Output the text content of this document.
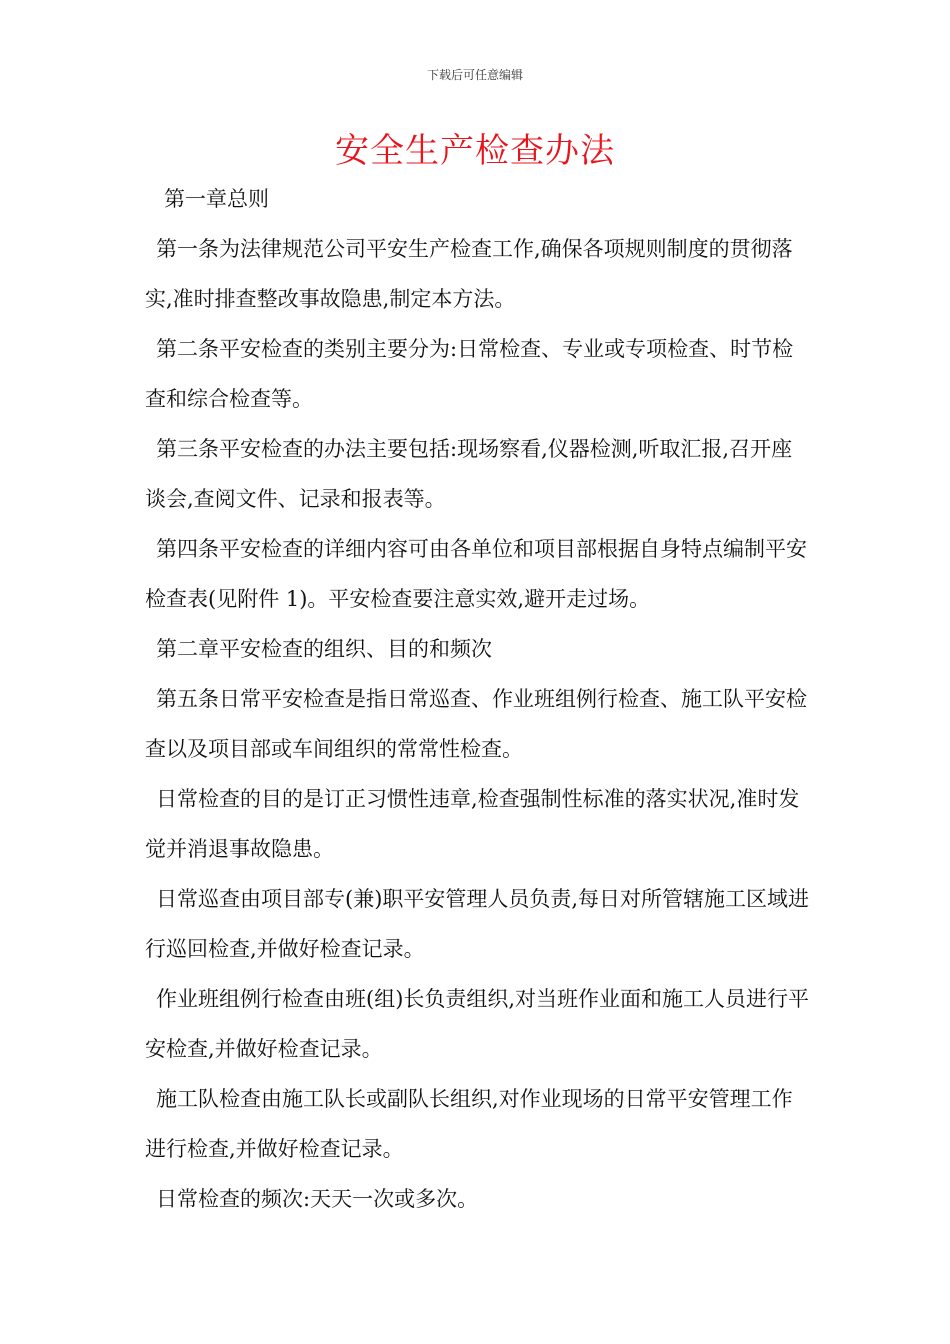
下载后可任意编辑
安全生产检查办法

第一章总则

第一条为法律规范公司平安生产检查工作,确保各项规则制度的贯彻落实,准时排查整改事故隐患,制定本方法。

第二条平安检查的类别主要分为:日常检查、专业或专项检查、时节检查和综合检查等。

第三条平安检查的办法主要包括:现场察看,仪器检测,听取汇报,召开座谈会,查阅文件、记录和报表等。

第四条平安检查的详细内容可由各单位和项目部根据自身特点编制平安检查表(见附件 1)。平安检查要注意实效,避开走过场。

第二章平安检查的组织、目的和频次

第五条日常平安检查是指日常巡查、作业班组例行检查、施工队平安检查以及项目部或车间组织的常常性检查。

日常检查的目的是订正习惯性违章,检查强制性标准的落实状况,准时发觉并消退事故隐患。

日常巡查由项目部专(兼)职平安管理人员负责,每日对所管辖施工区域进行巡回检查,并做好检查记录。

作业班组例行检查由班(组)长负责组织,对当班作业面和施工人员进行平安检查,并做好检查记录。

施工队检查由施工队长或副队长组织,对作业现场的日常平安管理工作进行检查,并做好检查记录。

日常检查的频次:天天一次或多次。
